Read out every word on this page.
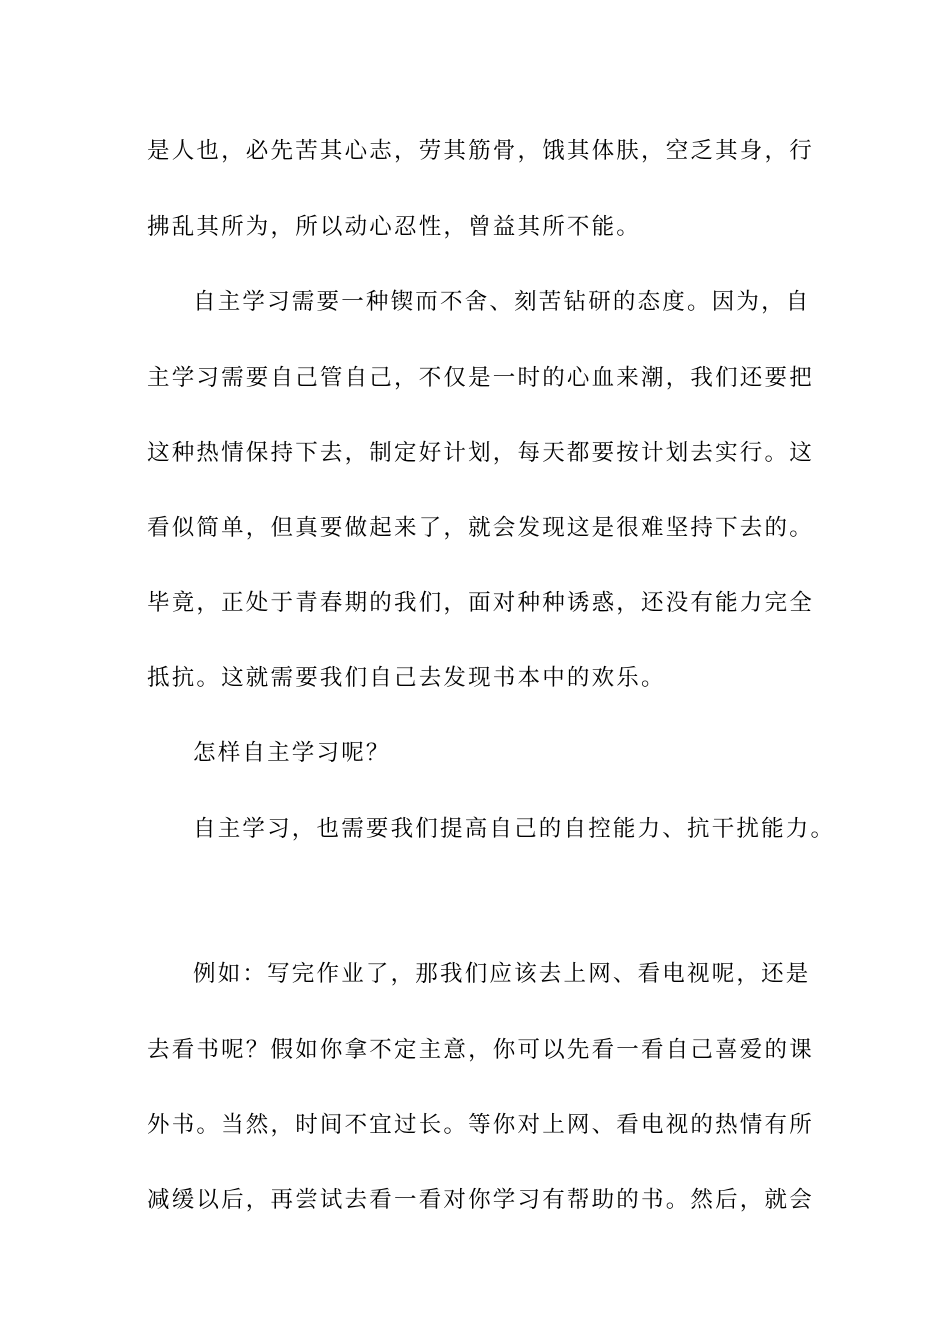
是人也，必先苦其心志，劳其筋骨，饿其体肤，空乏其身，行
拂乱其所为，所以动心忍性，曾益其所不能。
自主学习需要一种锲而不舍、刻苦钻研的态度。因为，自
主学习需要自己管自己，不仅是一时的心血来潮，我们还要把
这种热情保持下去，制定好计划，每天都要按计划去实行。这
看似简单，但真要做起来了，就会发现这是很难坚持下去的。
毕竟，正处于青春期的我们，面对种种诱惑，还没有能力完全
抵抗。这就需要我们自己去发现书本中的欢乐。
怎样自主学习呢？
自主学习，也需要我们提高自己的自控能力、抗干扰能力。
例如：写完作业了，那我们应该去上网、看电视呢，还是
去看书呢？假如你拿不定主意，你可以先看一看自己喜爱的课
外书。当然，时间不宜过长。等你对上网、看电视的热情有所
减缓以后，再尝试去看一看对你学习有帮助的书。然后，就会
